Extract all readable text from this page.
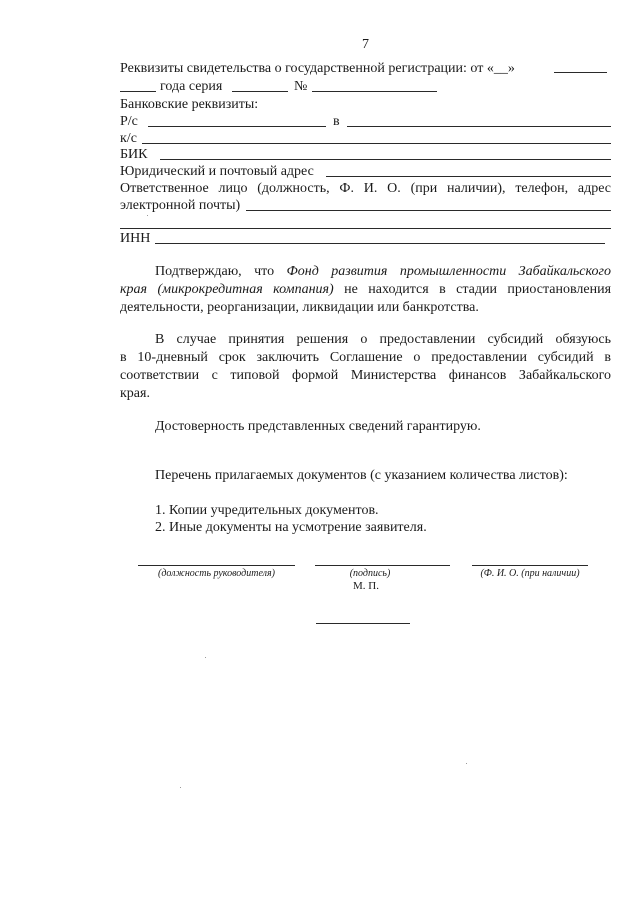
7
Реквизиты свидетельства о государственной регистрации: от «__»
года серия	№
Банковские реквизиты:
Р/с	в
к/с
БИК
Юридический и почтовый адрес
Ответственное лицо (должность, Ф. И. О. (при наличии), телефон, адрес
электронной почты)
ИНН
Подтверждаю, что Фонд развития промышленности Забайкальского
края (микрокредитная компания) не находится в стадии приостановления
деятельности, реорганизации, ликвидации или банкротства.
В случае принятия решения о предоставлении субсидий обязуюсь
в 10-дневный срок заключить Соглашение о предоставлении субсидий в
соответствии с типовой формой Министерства финансов Забайкальского
края.
Достоверность представленных сведений гарантирую.
Перечень прилагаемых документов (с указанием количества листов):
1. Копии учредительных документов.
2. Иные документы на усмотрение заявителя.
(должность руководителя)	(подпись)	(Ф. И. О. (при наличии)
М. П.
